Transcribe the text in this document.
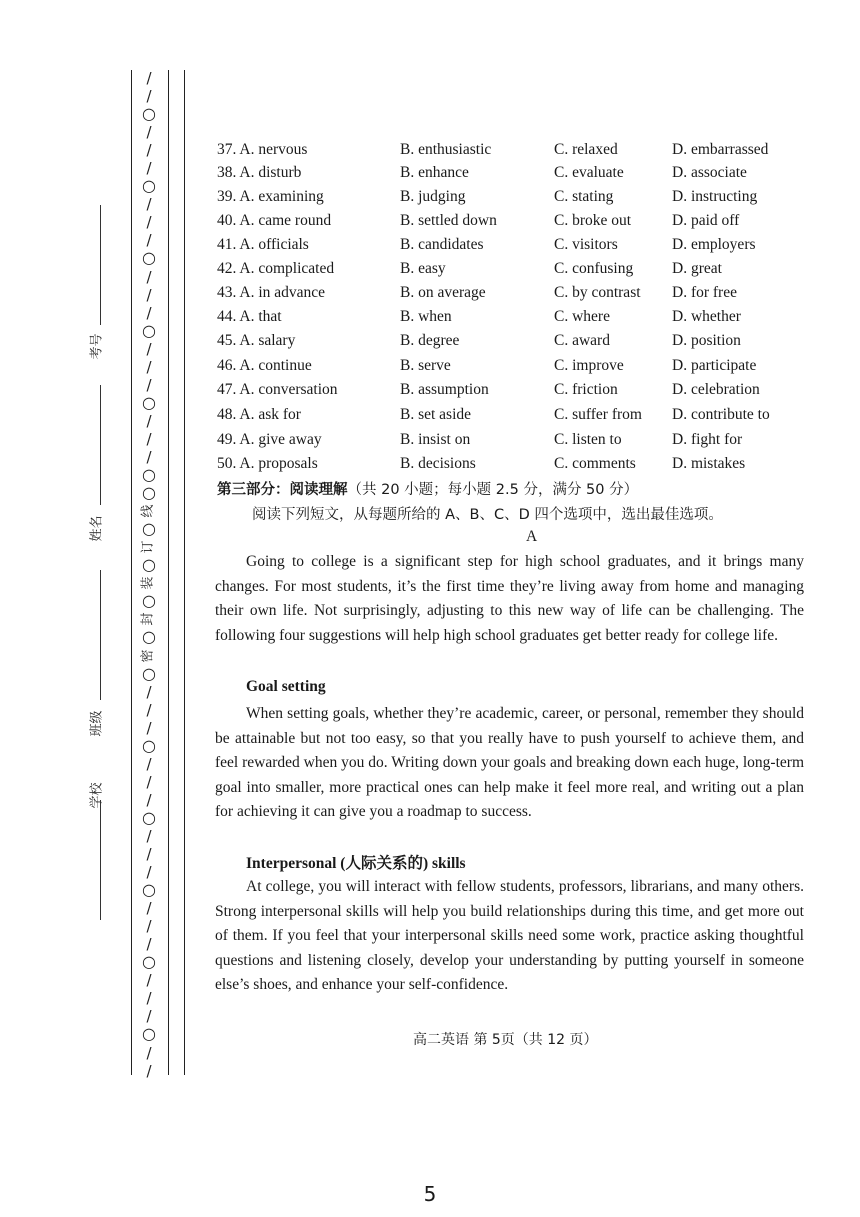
/
/
○
/
/
/
○
/
/
/
○
/
/
/
○
/
/
/
○
/
/
/
○
○
线
○
订
○
装
○
封
○
密
○
/
/
/
○
/
/
/
○
/
/
/
○
/
/
/
○
/
/
/
○
/
/
考号
姓名
班级
学校
37. A. nervous	B. enthusiastic	C. relaxed	D. embarrassed
38. A. disturb	B. enhance	C. evaluate	D. associate
39. A. examining	B. judging	C. stating	D. instructing
40. A. came round	B. settled down	C. broke out	D. paid off
41. A. officials	B. candidates	C. visitors	D. employers
42. A. complicated	B. easy	C. confusing	D. great
43. A. in advance	B. on average	C. by contrast D. for free
44. A. that	B. when	C. where	D. whether
45. A. salary	B. degree	C. award	D. position
46. A. continue	B. serve	C. improve	D. participate
47. A. conversation	B. assumption	C. friction	D. celebration
48. A. ask for	B. set aside	C. suffer from D. contribute to
49. A. give away	B. insist on	C. listen to	D. fight for
50. A. proposals	B. decisions	C. comments D. mistakes
第三部分：阅读理解（共 20 小题；每小题 2.5 分，满分 50 分）
阅读下列短文，从每题所给的 A、B、C、D 四个选项中，选出最佳选项。
A

Going to college is a significant step for high school graduates, and it brings many changes. For most students, it’s the first time they’re living away from home and managing their own life. Not surprisingly, adjusting to this new way of life can be challenging. The following four suggestions will help high school graduates get better ready for college life.

Goal setting

When setting goals, whether they’re academic, career, or personal, remember they should be attainable but not too easy, so that you really have to push yourself to achieve them, and feel rewarded when you do. Writing down your goals and breaking down each huge, long-term goal into smaller, more practical ones can help make it feel more real, and writing out a plan for achieving it can give you a roadmap to success.

Interpersonal (人际关系的) skills

At college, you will interact with fellow students, professors, librarians, and many others. Strong interpersonal skills will help you build relationships during this time, and get more out of them. If you feel that your interpersonal skills need some work, practice asking thoughtful questions and listening closely, develop your understanding by putting yourself in someone else’s shoes, and enhance your self-confidence.

高二英语 第 5页（共 12 页）
5
